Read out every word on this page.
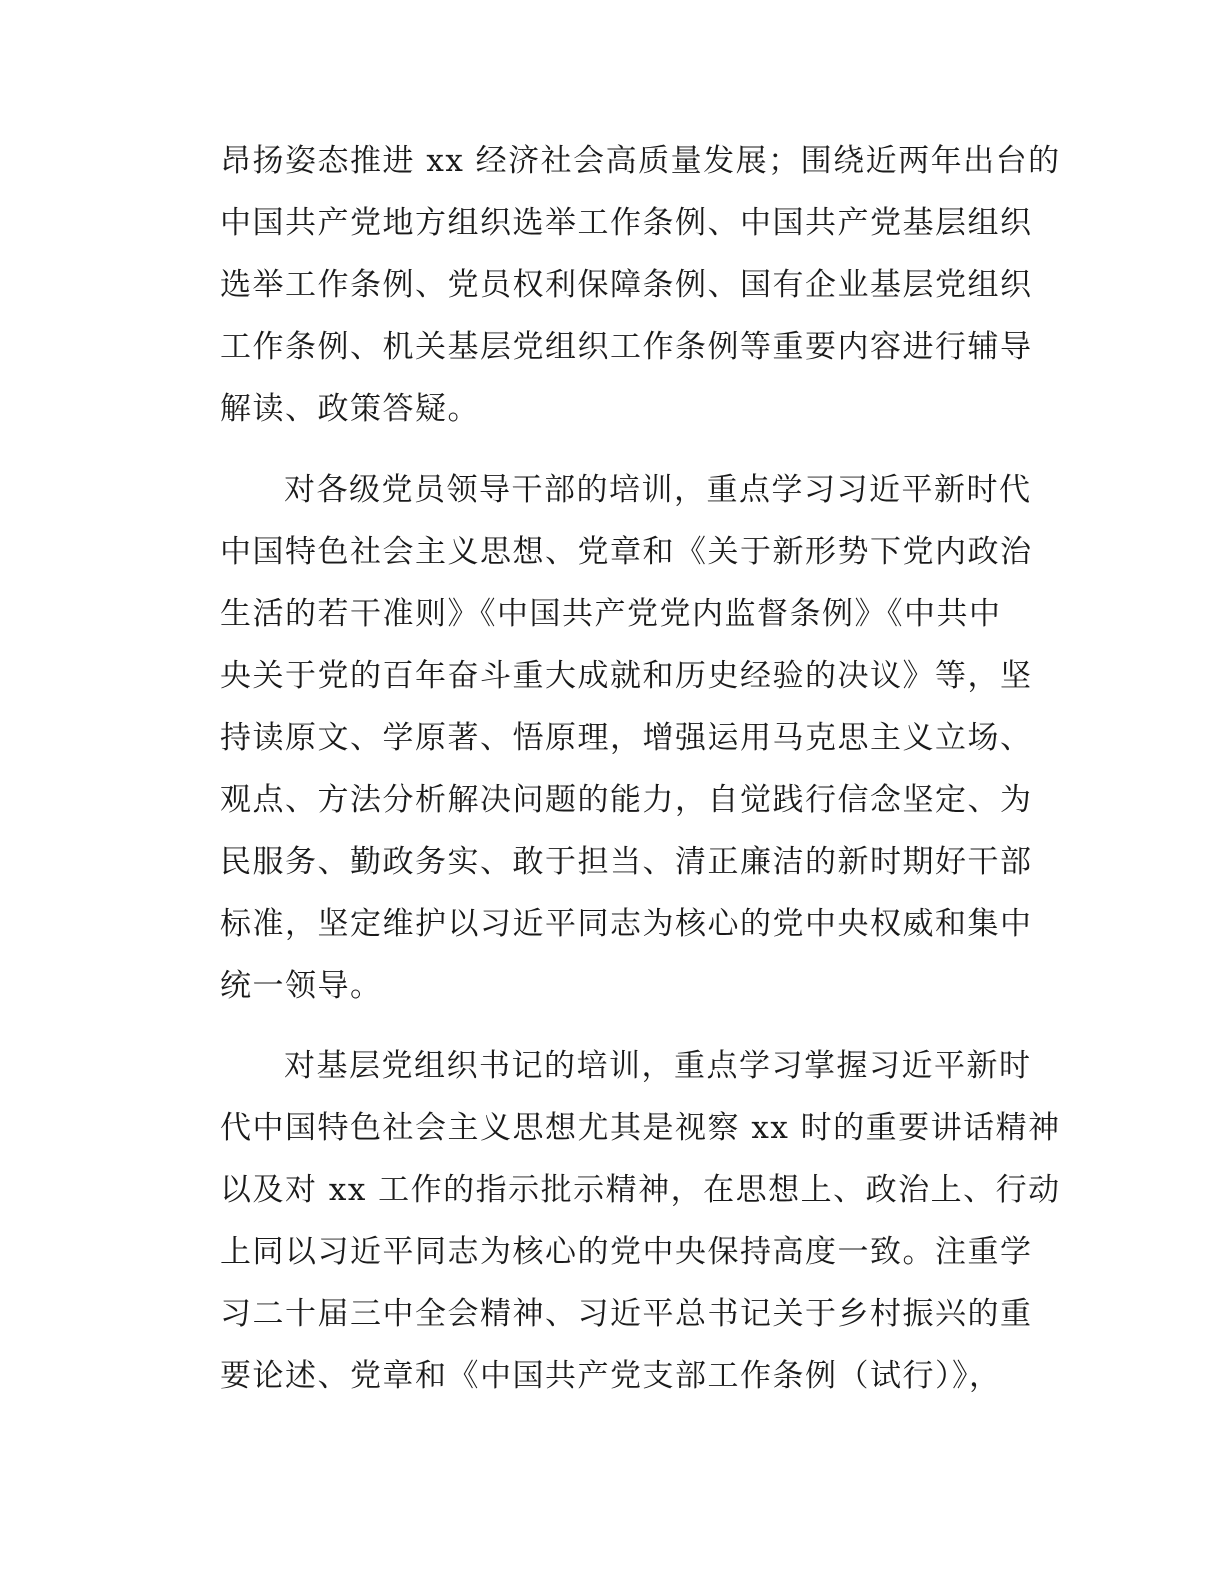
昂扬姿态推进 xx 经济社会高质量发展；围绕近两年出台的
中国共产党地方组织选举工作条例、中国共产党基层组织
选举工作条例、党员权利保障条例、国有企业基层党组织
工作条例、机关基层党组织工作条例等重要内容进行辅导
解读、政策答疑。
对各级党员领导干部的培训，重点学习习近平新时代
中国特色社会主义思想、党章和《关于新形势下党内政治
生活的若干准则》《中国共产党党内监督条例》《中共中
央关于党的百年奋斗重大成就和历史经验的决议》等，坚
持读原文、学原著、悟原理，增强运用马克思主义立场、
观点、方法分析解决问题的能力，自觉践行信念坚定、为
民服务、勤政务实、敢于担当、清正廉洁的新时期好干部
标准，坚定维护以习近平同志为核心的党中央权威和集中
统一领导。
对基层党组织书记的培训，重点学习掌握习近平新时
代中国特色社会主义思想尤其是视察 xx 时的重要讲话精神
以及对 xx 工作的指示批示精神，在思想上、政治上、行动
上同以习近平同志为核心的党中央保持高度一致。注重学
习二十届三中全会精神、习近平总书记关于乡村振兴的重
要论述、党章和《中国共产党支部工作条例（试行）》，
